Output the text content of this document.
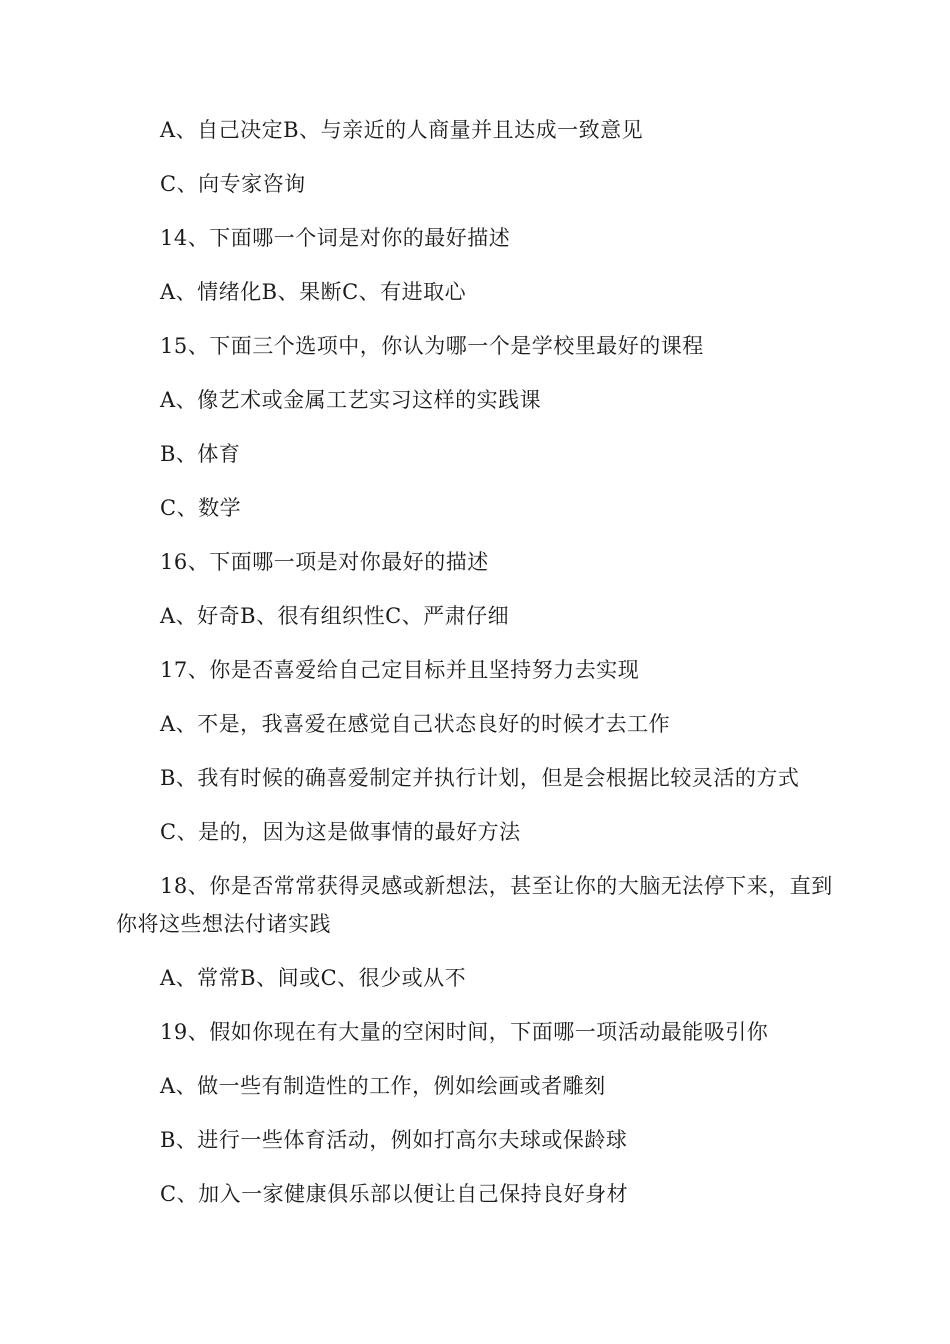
A、自己决定B、与亲近的人商量并且达成一致意见
C、向专家咨询
14、下面哪一个词是对你的最好描述
A、情绪化B、果断C、有进取心
15、下面三个选项中，你认为哪一个是学校里最好的课程
A、像艺术或金属工艺实习这样的实践课
B、体育
C、数学
16、下面哪一项是对你最好的描述
A、好奇B、很有组织性C、严肃仔细
17、你是否喜爱给自己定目标并且坚持努力去实现
A、不是，我喜爱在感觉自己状态良好的时候才去工作
B、我有时候的确喜爱制定并执行计划，但是会根据比较灵活的方式
C、是的，因为这是做事情的最好方法
18、你是否常常获得灵感或新想法，甚至让你的大脑无法停下来，直到你将这些想法付诸实践
A、常常B、间或C、很少或从不
19、假如你现在有大量的空闲时间，下面哪一项活动最能吸引你
A、做一些有制造性的工作，例如绘画或者雕刻
B、进行一些体育活动，例如打高尔夫球或保龄球
C、加入一家健康俱乐部以便让自己保持良好身材
